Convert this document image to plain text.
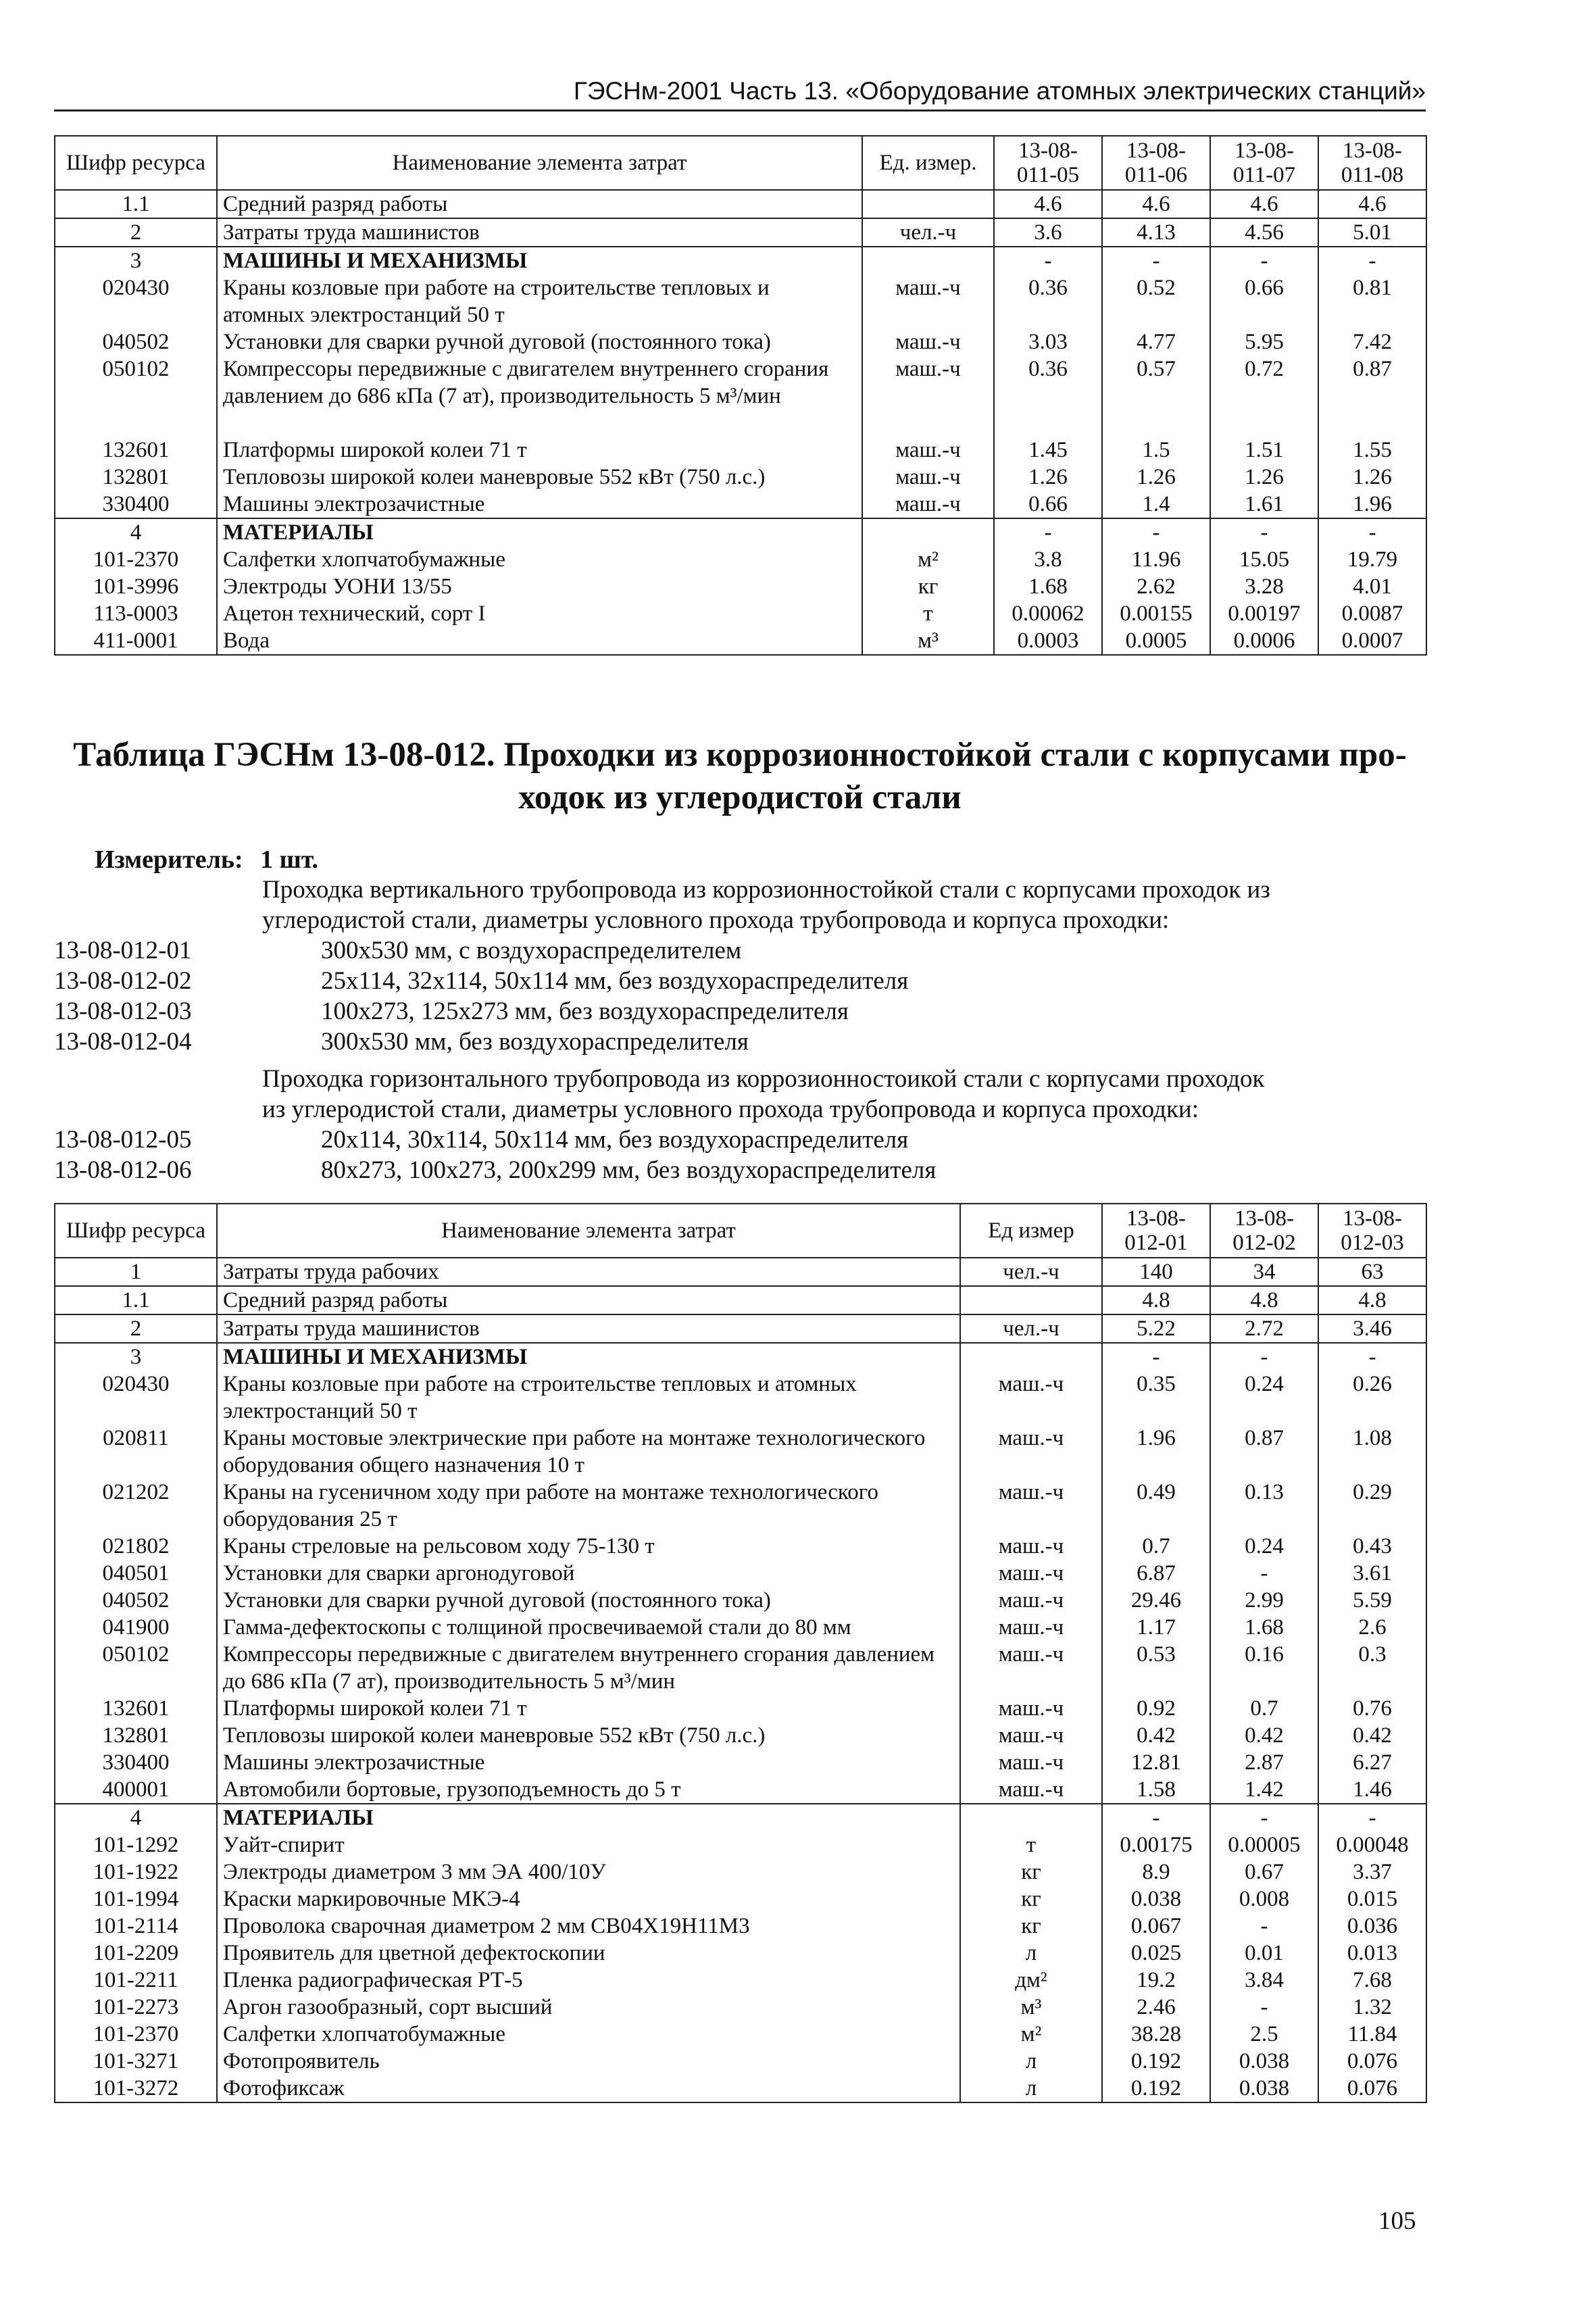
ГЭСНм-2001 Часть 13. «Оборудование атомных электрических станций»
Шифр ресурса	Наименование элемента затрат	Ед. измер.	13-08-011-05	13-08-011-06	13-08-011-07	13-08-011-08
1.1	Средний разряд работы		4.6	4.6	4.6	4.6
2	Затраты труда машинистов	чел.-ч	3.6	4.13	4.56	5.01
3	МАШИНЫ И МЕХАНИЗМЫ		-	-	-	-
020430	Краны козловые при работе на строительстве тепловых и атомных электростанций 50 т	маш.-ч	0.36	0.52	0.66	0.81
040502	Установки для сварки ручной дуговой (постоянного тока)	маш.-ч	3.03	4.77	5.95	7.42
050102	Компрессоры передвижные с двигателем внутреннего сгорания давлением до 686 кПа (7 ат), производительность 5 м³/мин	маш.-ч	0.36	0.57	0.72	0.87
132601	Платформы широкой колеи 71 т	маш.-ч	1.45	1.5	1.51	1.55
132801	Тепловозы широкой колеи маневровые 552 кВт (750 л.с.)	маш.-ч	1.26	1.26	1.26	1.26
330400	Машины электрозачистные	маш.-ч	0.66	1.4	1.61	1.96
4	МАТЕРИАЛЫ		-	-	-	-
101-2370	Салфетки хлопчатобумажные	м²	3.8	11.96	15.05	19.79
101-3996	Электроды УОНИ 13/55	кг	1.68	2.62	3.28	4.01
113-0003	Ацетон технический, сорт I	т	0.00062	0.00155	0.00197	0.0087
411-0001	Вода	м³	0.0003	0.0005	0.0006	0.0007
Таблица ГЭСНм 13-08-012. Проходки из коррозионностойкой стали с корпусами про-
ходок из углеродистой стали
Измеритель: 1 шт.
Проходка вертикального трубопровода из коррозионностойкой стали с корпусами проходок из
углеродистой стали, диаметры условного прохода трубопровода и корпуса проходки:
Проходка горизонтального трубопровода из коррозионностоикой стали с корпусами проходок
из углеродистой стали, диаметры условного прохода трубопровода и корпуса проходки:
13-08-012-01	300х530 мм, с воздухораспределителем
13-08-012-02	25х114, 32х114, 50х114 мм, без воздухораспределителя
13-08-012-03	100х273, 125х273 мм, без воздухораспределителя
13-08-012-04	300х530 мм, без воздухораспределителя
13-08-012-05	20х114, 30х114, 50х114 мм, без воздухораспределителя
13-08-012-06	80х273, 100х273, 200х299 мм, без воздухораспределителя
Шифр ресурса	Наименование элемента затрат	Ед измер	13-08-012-01	13-08-012-02	13-08-012-03
1	Затраты труда рабочих	чел.-ч	140	34	63
1.1	Средний разряд работы		4.8	4.8	4.8
2	Затраты труда машинистов	чел.-ч	5.22	2.72	3.46
3	МАШИНЫ И МЕХАНИЗМЫ		-	-	-
020430	Краны козловые при работе на строительстве тепловых и атомных электростанций 50 т	маш.-ч	0.35	0.24	0.26
020811	Краны мостовые электрические при работе на монтаже технологического оборудования общего назначения 10 т	маш.-ч	1.96	0.87	1.08
021202	Краны на гусеничном ходу при работе на монтаже технологического оборудования 25 т	маш.-ч	0.49	0.13	0.29
021802	Краны стреловые на рельсовом ходу 75-130 т	маш.-ч	0.7	0.24	0.43
040501	Установки для сварки аргонодуговой	маш.-ч	6.87	-	3.61
040502	Установки для сварки ручной дуговой (постоянного тока)	маш.-ч	29.46	2.99	5.59
041900	Гамма-дефектоскопы с толщиной просвечиваемой стали до 80 мм	маш.-ч	1.17	1.68	2.6
050102	Компрессоры передвижные с двигателем внутреннего сгорания давлением до 686 кПа (7 ат), производительность 5 м³/мин	маш.-ч	0.53	0.16	0.3
132601	Платформы широкой колеи 71 т	маш.-ч	0.92	0.7	0.76
132801	Тепловозы широкой колеи маневровые 552 кВт (750 л.с.)	маш.-ч	0.42	0.42	0.42
330400	Машины электрозачистные	маш.-ч	12.81	2.87	6.27
400001	Автомобили бортовые, грузоподъемность до 5 т	маш.-ч	1.58	1.42	1.46
4	МАТЕРИАЛЫ		-	-	-
101-1292	Уайт-спирит	т	0.00175	0.00005	0.00048
101-1922	Электроды диаметром 3 мм ЭА 400/10У	кг	8.9	0.67	3.37
101-1994	Краски маркировочные МКЭ-4	кг	0.038	0.008	0.015
101-2114	Проволока сварочная диаметром 2 мм СВ04Х19Н11М3	кг	0.067	-	0.036
101-2209	Проявитель для цветной дефектоскопии	л	0.025	0.01	0.013
101-2211	Пленка радиографическая РТ-5	дм²	19.2	3.84	7.68
101-2273	Аргон газообразный, сорт высший	м³	2.46	-	1.32
101-2370	Салфетки хлопчатобумажные	м²	38.28	2.5	11.84
101-3271	Фотопроявитель	л	0.192	0.038	0.076
101-3272	Фотофиксаж	л	0.192	0.038	0.076
105
